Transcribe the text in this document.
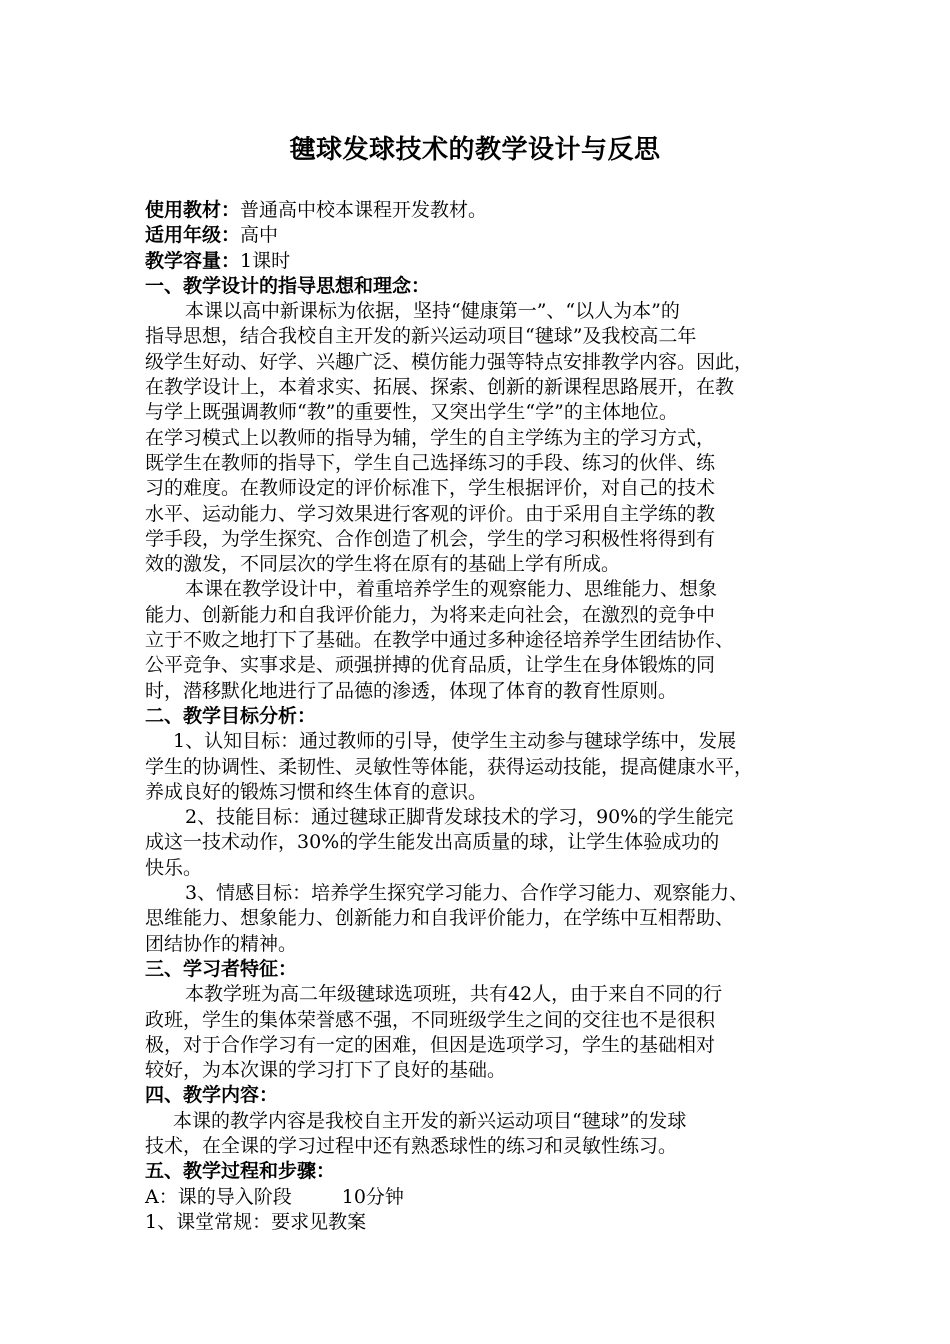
毽球发球技术的教学设计与反思
使用教材：普通高中校本课程开发教材。
适用年级：高中
教学容量：1课时
一、教学设计的指导思想和理念：
本课以高中新课标为依据，坚持“健康第一”、“以人为本”的
指导思想，结合我校自主开发的新兴运动项目“毽球”及我校高二年
级学生好动、好学、兴趣广泛、模仿能力强等特点安排教学内容。因此，
在教学设计上，本着求实、拓展、探索、创新的新课程思路展开，在教
与学上既强调教师“教”的重要性，又突出学生“学”的主体地位。
在学习模式上以教师的指导为辅，学生的自主学练为主的学习方式，
既学生在教师的指导下，学生自己选择练习的手段、练习的伙伴、练
习的难度。在教师设定的评价标准下，学生根据评价，对自己的技术
水平、运动能力、学习效果进行客观的评价。由于采用自主学练的教
学手段，为学生探究、合作创造了机会，学生的学习积极性将得到有
效的激发，不同层次的学生将在原有的基础上学有所成。
本课在教学设计中，着重培养学生的观察能力、思维能力、想象
能力、创新能力和自我评价能力，为将来走向社会，在激烈的竞争中
立于不败之地打下了基础。在教学中通过多种途径培养学生团结协作、
公平竞争、实事求是、顽强拼搏的优育品质，让学生在身体锻炼的同
时，潜移默化地进行了品德的渗透，体现了体育的教育性原则。
二、教学目标分析：
1、认知目标：通过教师的引导，使学生主动参与毽球学练中，发展
学生的协调性、柔韧性、灵敏性等体能，获得运动技能，提高健康水平，
养成良好的锻炼习惯和终生体育的意识。
2、技能目标：通过毽球正脚背发球技术的学习，90%的学生能完
成这一技术动作，30%的学生能发出高质量的球，让学生体验成功的
快乐。
3、情感目标：培养学生探究学习能力、合作学习能力、观察能力、
思维能力、想象能力、创新能力和自我评价能力，在学练中互相帮助、
团结协作的精神。
三、学习者特征：
本教学班为高二年级毽球选项班，共有42人，由于来自不同的行
政班，学生的集体荣誉感不强，不同班级学生之间的交往也不是很积
极，对于合作学习有一定的困难，但因是选项学习，学生的基础相对
较好，为本次课的学习打下了良好的基础。
四、教学内容：
本课的教学内容是我校自主开发的新兴运动项目“毽球”的发球
技术，在全课的学习过程中还有熟悉球性的练习和灵敏性练习。
五、教学过程和步骤：
A：课的导入阶段	10分钟
1、课堂常规：要求见教案
